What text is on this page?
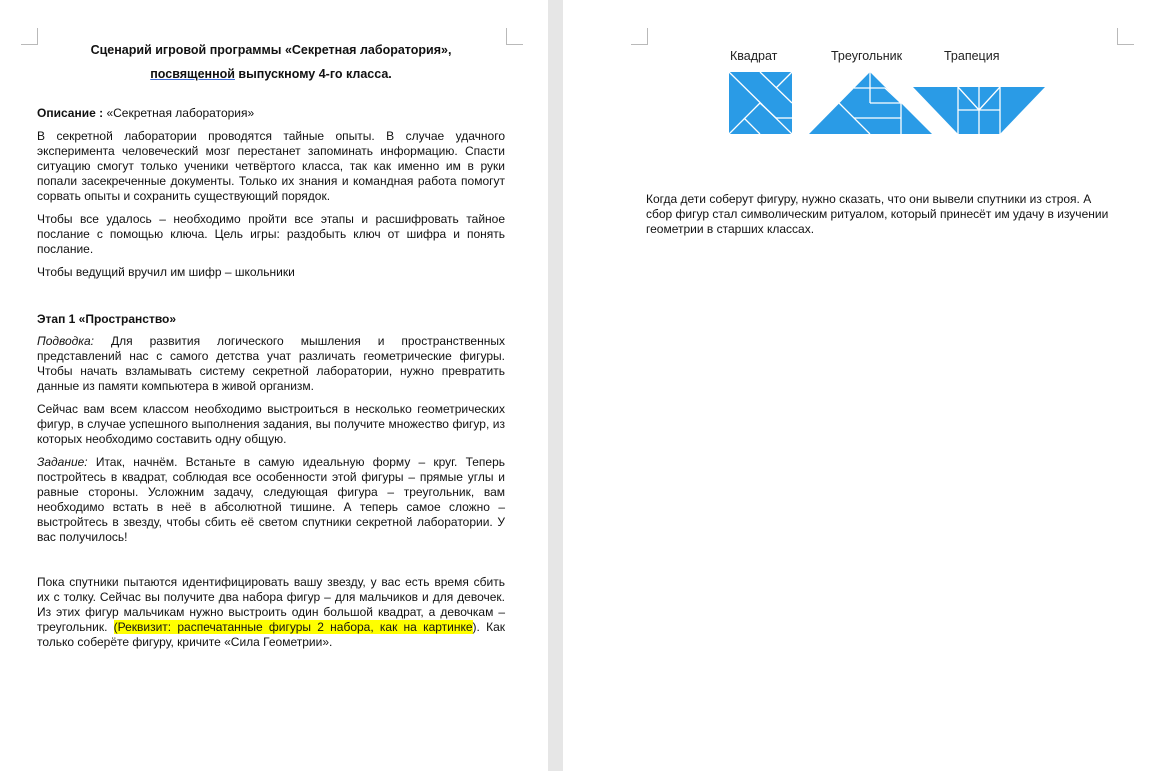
Сценарий игровой программы «Секретная лаборатория»,

посвященной выпускному 4-го класса.

Описание : «Секретная лаборатория»

В секретной лаборатории проводятся тайные опыты. В случае удачного эксперимента человеческий мозг перестанет запоминать информацию. Спасти ситуацию смогут только ученики четвёртого класса, так как именно им в руки попали засекреченные документы. Только их знания и командная работа помогут сорвать опыты и сохранить существующий порядок.

Чтобы все удалось – необходимо пройти все этапы и расшифровать тайное послание с помощью ключа. Цель игры: раздобыть ключ от шифра и понять послание.

Чтобы ведущий вручил им шифр – школьники

Этап 1 «Пространство»

Подводка: Для развития логического мышления и пространственных представлений нас с самого детства учат различать геометрические фигуры. Чтобы начать взламывать систему секретной лаборатории, нужно превратить данные из памяти компьютера в живой организм.

Сейчас вам всем классом необходимо выстроиться в несколько геометрических фигур, в случае успешного выполнения задания, вы получите множество фигур, из которых необходимо составить одну общую.

Задание: Итак, начнём. Встаньте в самую идеальную форму – круг. Теперь постройтесь в квадрат, соблюдая все особенности этой фигуры – прямые углы и равные стороны. Усложним задачу, следующая фигура – треугольник, вам необходимо встать в неё в абсолютной тишине. А теперь самое сложно – выстройтесь в звезду, чтобы сбить её светом спутники секретной лаборатории. У вас получилось!

Пока спутники пытаются идентифицировать вашу звезду, у вас есть время сбить их с толку. Сейчас вы получите два набора фигур – для мальчиков и для девочек. Из этих фигур мальчикам нужно выстроить один большой квадрат, а девочкам – треугольник. (Реквизит: распечатанные фигуры 2 набора, как на картинке). Как только соберёте фигуру, кричите «Сила Геометрии».

Квадрат	Треугольник	Трапеция

Когда дети соберут фигуру, нужно сказать, что они вывели спутники из строя. А сбор фигур стал символическим ритуалом, который принесёт им удачу в изучении геометрии в старших классах.
